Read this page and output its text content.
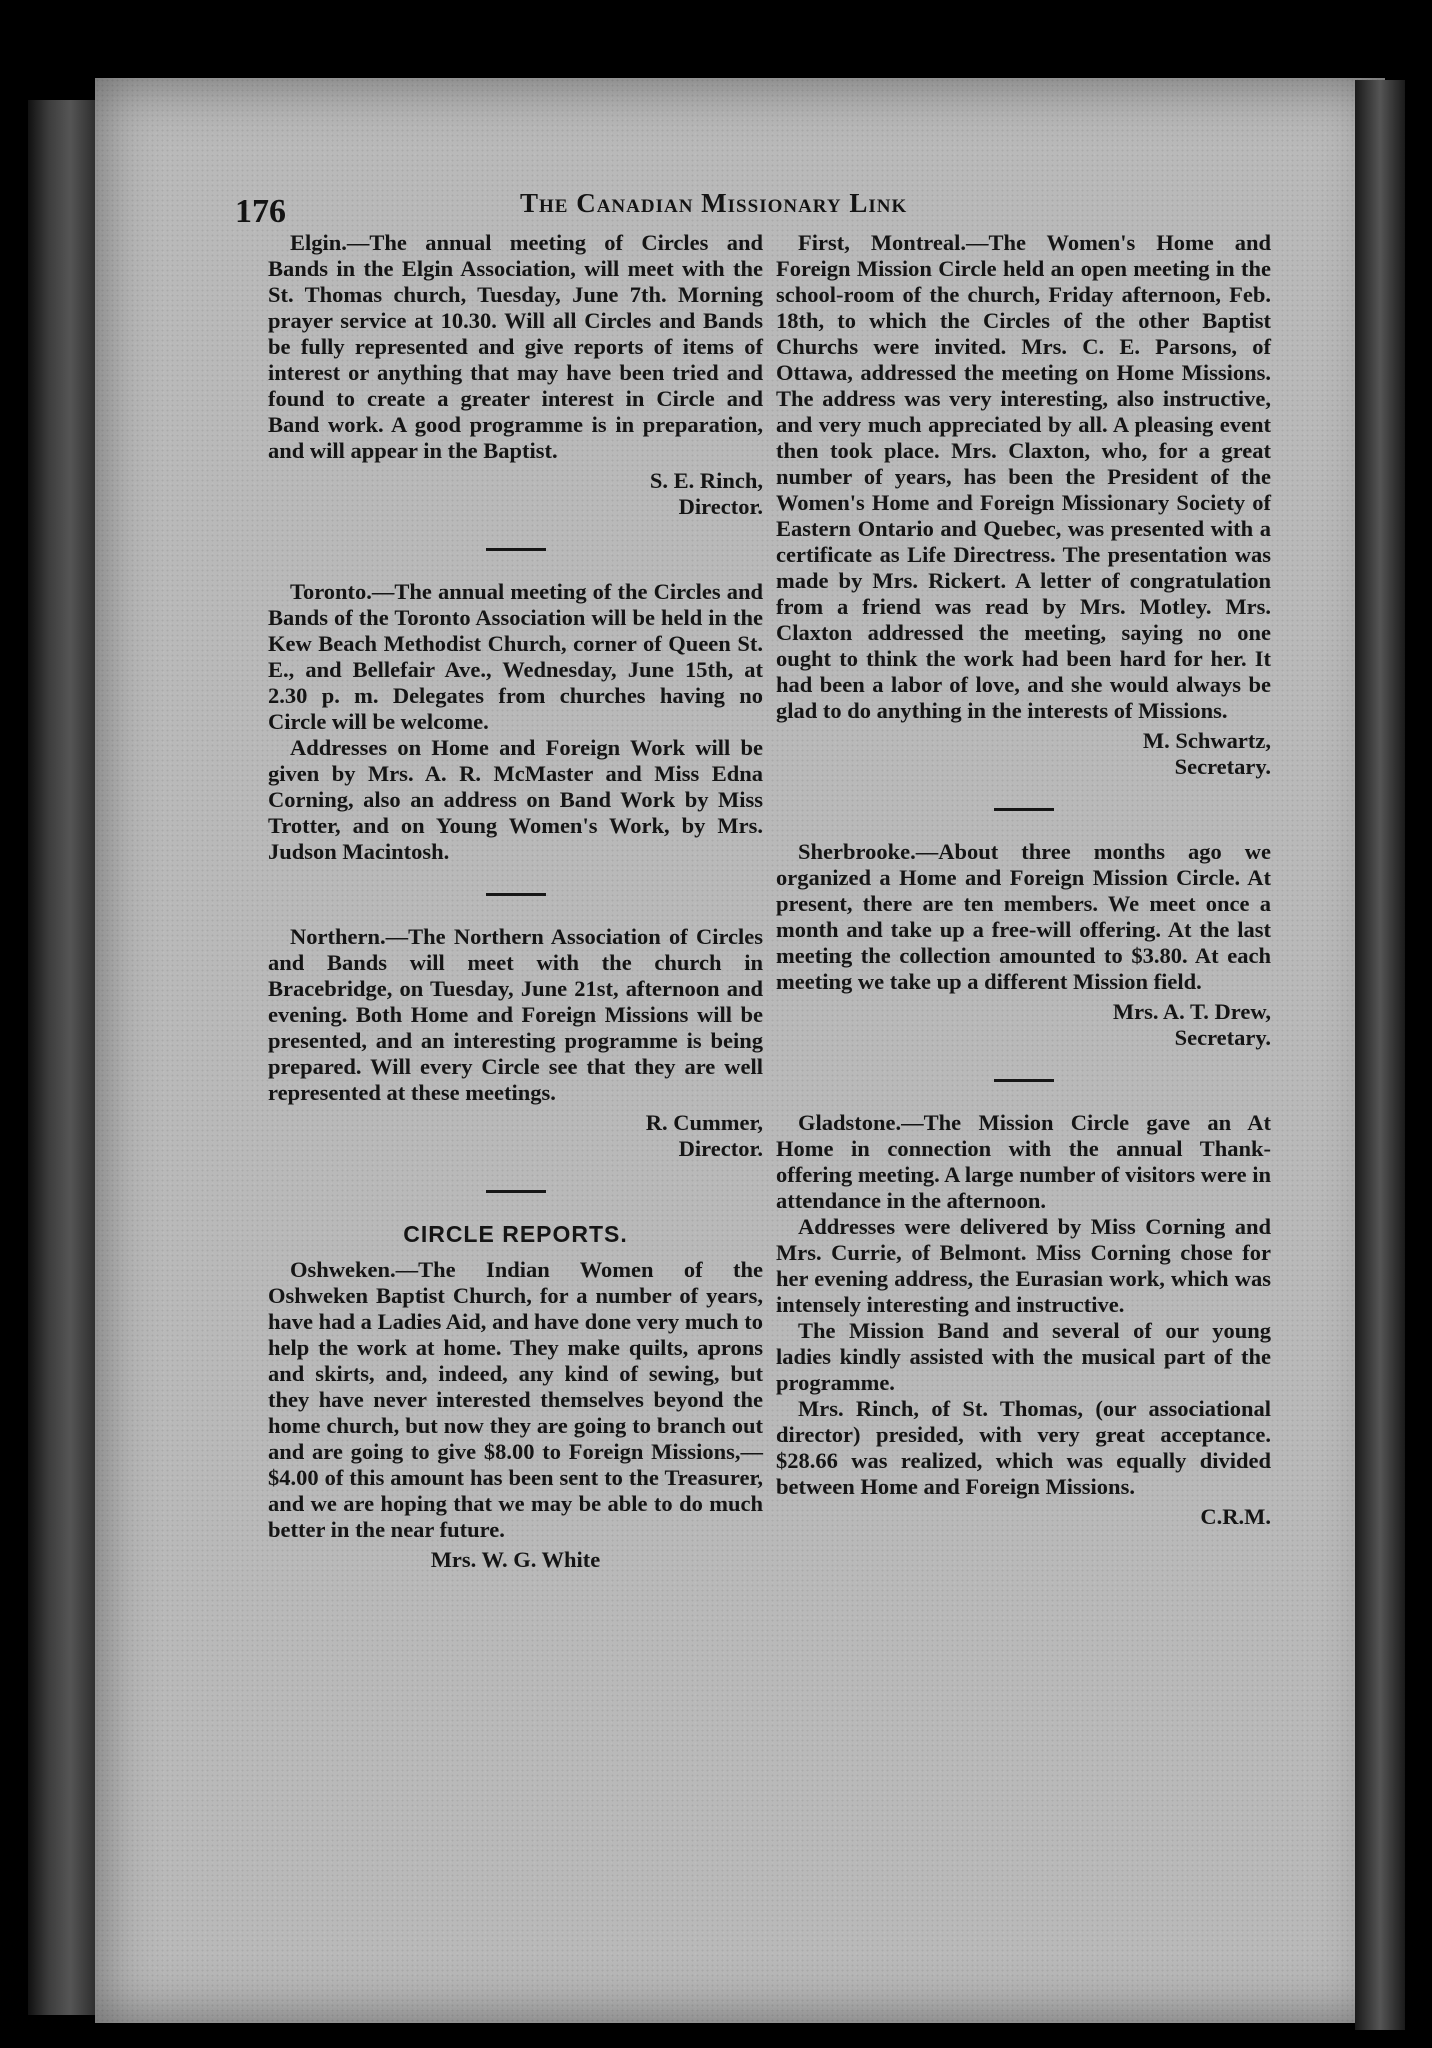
176	The Canadian Missionary Link

Elgin.—The annual meeting of Circles and Bands in the Elgin Association, will meet with the St. Thomas church, Tuesday, June 7th. Morning prayer service at 10.30. Will all Circles and Bands be fully represented and give reports of items of interest or anything that may have been tried and found to create a greater interest in Circle and Band work. A good programme is in preparation, and will appear in the Baptist.

S. E. Rinch,
Director.

Toronto.—The annual meeting of the Circles and Bands of the Toronto Association will be held in the Kew Beach Methodist Church, corner of Queen St. E., and Bellefair Ave., Wednesday, June 15th, at 2.30 p. m. Delegates from churches having no Circle will be welcome.

Addresses on Home and Foreign Work will be given by Mrs. A. R. McMaster and Miss Edna Corning, also an address on Band Work by Miss Trotter, and on Young Women's Work, by Mrs. Judson Macintosh.

Northern.—The Northern Association of Circles and Bands will meet with the church in Bracebridge, on Tuesday, June 21st, afternoon and evening. Both Home and Foreign Missions will be presented, and an interesting programme is being prepared. Will every Circle see that they are well represented at these meetings.

R. Cummer,
Director.
CIRCLE REPORTS.

Oshweken.—The Indian Women of the Oshweken Baptist Church, for a number of years, have had a Ladies Aid, and have done very much to help the work at home. They make quilts, aprons and skirts, and, indeed, any kind of sewing, but they have never interested themselves beyond the home church, but now they are going to branch out and are going to give $8.00 to Foreign Missions,—$4.00 of this amount has been sent to the Treasurer, and we are hoping that we may be able to do much better in the near future.

Mrs. W. G. White

First, Montreal.—The Women's Home and Foreign Mission Circle held an open meeting in the school-room of the church, Friday afternoon, Feb. 18th, to which the Circles of the other Baptist Churchs were invited. Mrs. C. E. Parsons, of Ottawa, addressed the meeting on Home Missions. The address was very interesting, also instructive, and very much appreciated by all. A pleasing event then took place. Mrs. Claxton, who, for a great number of years, has been the President of the Women's Home and Foreign Missionary Society of Eastern Ontario and Quebec, was presented with a certificate as Life Directress. The presentation was made by Mrs. Rickert. A letter of congratulation from a friend was read by Mrs. Motley. Mrs. Claxton addressed the meeting, saying no one ought to think the work had been hard for her. It had been a labor of love, and she would always be glad to do anything in the interests of Missions.

M. Schwartz,
Secretary.

Sherbrooke.—About three months ago we organized a Home and Foreign Mission Circle. At present, there are ten members. We meet once a month and take up a free-will offering. At the last meeting the collection amounted to $3.80. At each meeting we take up a different Mission field.

Mrs. A. T. Drew,
Secretary.

Gladstone.—The Mission Circle gave an At Home in connection with the annual Thank-offering meeting. A large number of visitors were in attendance in the afternoon.

Addresses were delivered by Miss Corning and Mrs. Currie, of Belmont. Miss Corning chose for her evening address, the Eurasian work, which was intensely interesting and instructive.

The Mission Band and several of our young ladies kindly assisted with the musical part of the programme.

Mrs. Rinch, of St. Thomas, (our associational director) presided, with very great acceptance. $28.66 was realized, which was equally divided between Home and Foreign Missions.

C.R.M.
